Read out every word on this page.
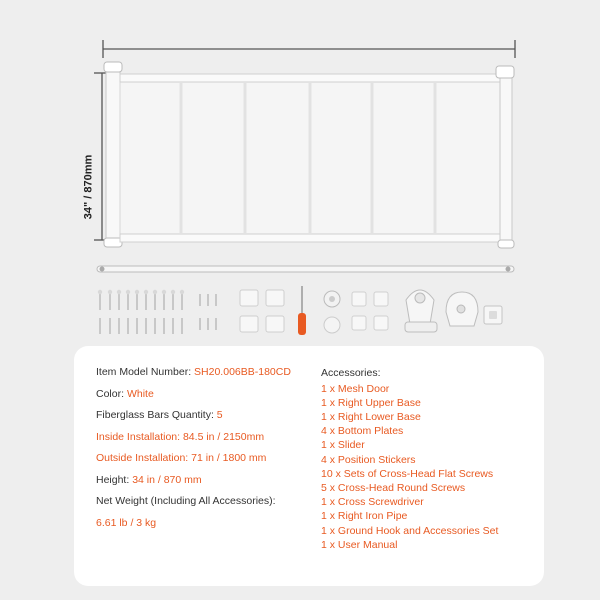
34" / 870mm
Item Model Number: SH20.006BB-180CD
Color: White
Fiberglass Bars Quantity: 5
Inside Installation: 84.5 in / 2150mm
Outside Installation: 71 in / 1800 mm
Height: 34 in / 870 mm
Net Weight (Including All Accessories):
6.61 lb / 3 kg
Accessories:
1 x Mesh Door
1 x Right Upper Base
1 x Right Lower Base
4 x Bottom Plates
1 x Slider
4 x Position Stickers
10 x Sets of Cross-Head Flat Screws
5 x Cross-Head Round Screws
1 x Cross Screwdriver
1 x Right Iron Pipe
1 x Ground Hook and Accessories Set
1 x User Manual
